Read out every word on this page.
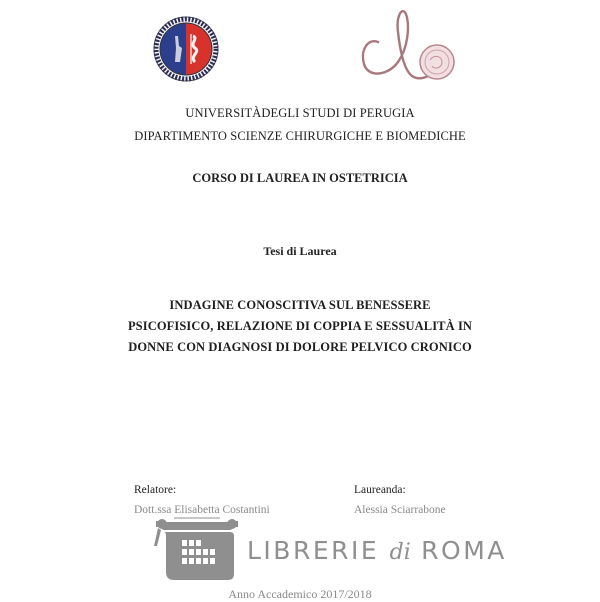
UNIVERSITÀDEGLI STUDI DI PERUGIA
DIPARTIMENTO SCIENZE CHIRURGICHE E BIOMEDICHE
CORSO DI LAUREA IN OSTETRICIA
Tesi di Laurea
INDAGINE CONOSCITIVA SUL BENESSERE
PSICOFISICO, RELAZIONE DI COPPIA E SESSUALITÀ IN
DONNE CON DIAGNOSI DI DOLORE PELVICO CRONICO
Relatore:
Dott.ssa Elisabetta Costantini
Laureanda:
Alessia Sciarrabone
LIBRERIE di ROMA
Anno Accademico 2017/2018
